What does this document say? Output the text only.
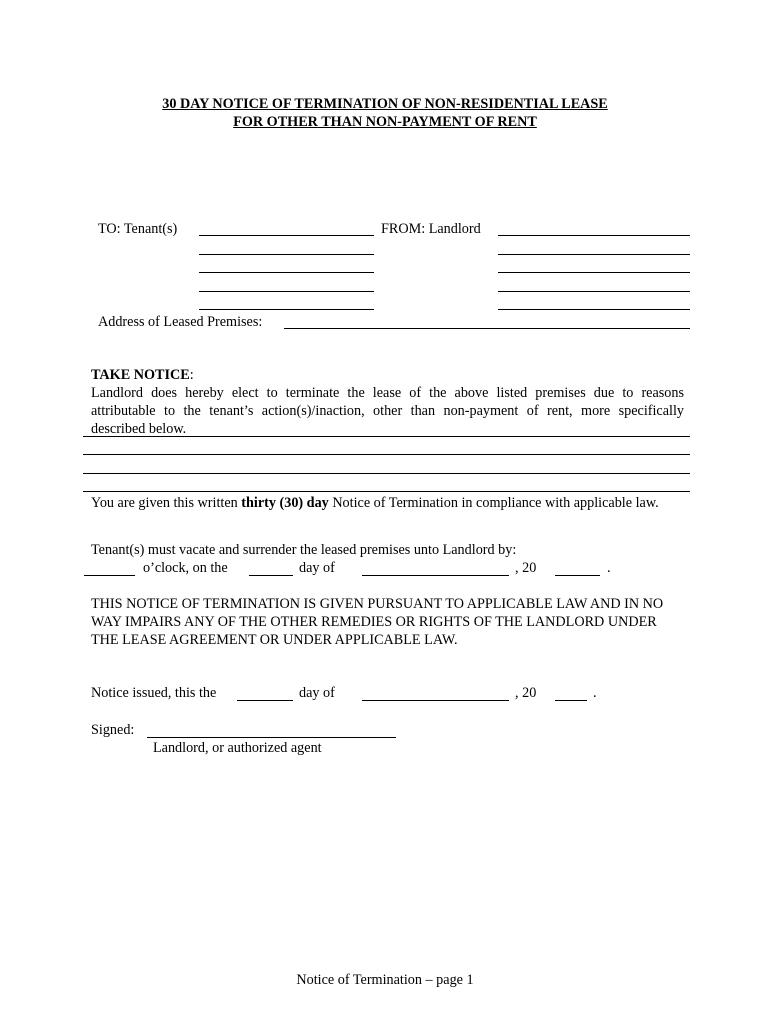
30 DAY NOTICE OF TERMINATION OF NON-RESIDENTIAL LEASE
FOR OTHER THAN NON-PAYMENT OF RENT
TO: Tenant(s)	FROM: Landlord
Address of Leased Premises:
TAKE NOTICE:
Landlord does hereby elect to terminate the lease of the above listed premises due to reasons attributable to the tenant’s action(s)/inaction, other than non-payment of rent, more specifically described below.
You are given this written thirty (30) day Notice of Termination in compliance with applicable law.
Tenant(s) must vacate and surrender the leased premises unto Landlord by:
o’clock, on the	day of	, 20	.
THIS NOTICE OF TERMINATION IS GIVEN PURSUANT TO APPLICABLE LAW AND IN NO WAY IMPAIRS ANY OF THE OTHER REMEDIES OR RIGHTS OF THE LANDLORD UNDER THE LEASE AGREEMENT OR UNDER APPLICABLE LAW.
Notice issued, this the	day of	, 20	.
Signed:
Landlord, or authorized agent
Notice of Termination – page 1
